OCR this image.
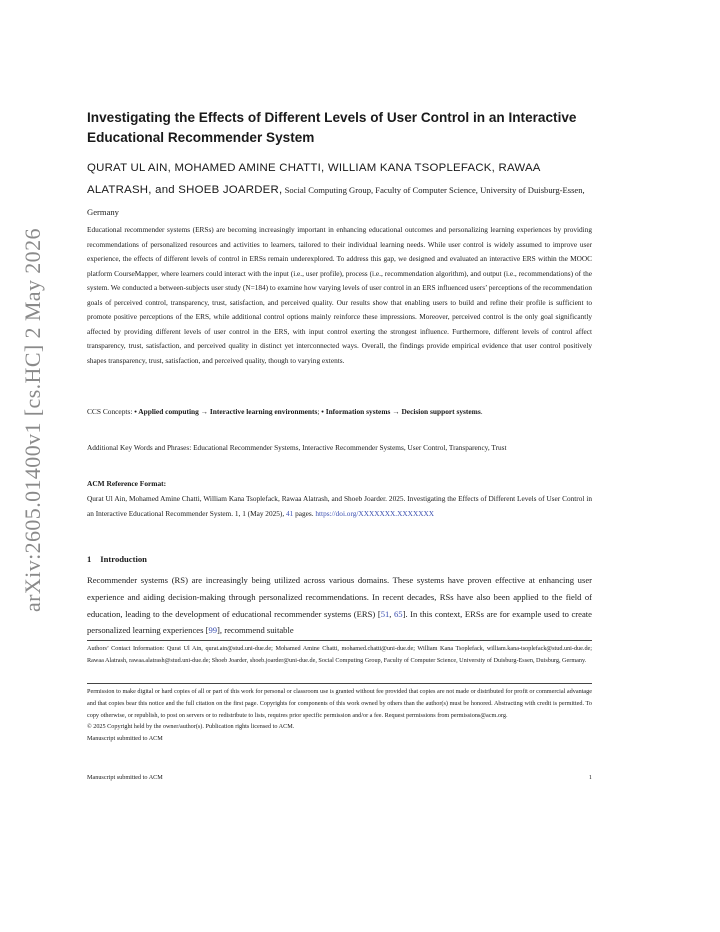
arXiv:2605.01400v1 [cs.HC] 2 May 2026
Investigating the Effects of Different Levels of User Control in an Interactive Educational Recommender System
QURAT UL AIN, MOHAMED AMINE CHATTI, WILLIAM KANA TSOPLEFACK, RAWAA ALATRASH, and SHOEB JOARDER, Social Computing Group, Faculty of Computer Science, University of Duisburg-Essen, Germany

Educational recommender systems (ERSs) are becoming increasingly important in enhancing educational outcomes and personalizing learning experiences by providing recommendations of personalized resources and activities to learners, tailored to their individual learning needs. While user control is widely assumed to improve user experience, the effects of different levels of control in ERSs remain underexplored. To address this gap, we designed and evaluated an interactive ERS within the MOOC platform CourseMapper, where learners could interact with the input (i.e., user profile), process (i.e., recommendation algorithm), and output (i.e., recommendations) of the system. We conducted a between-subjects user study (N=184) to examine how varying levels of user control in an ERS influenced users’ perceptions of the recommendation goals of perceived control, transparency, trust, satisfaction, and perceived quality. Our results show that enabling users to build and refine their profile is sufficient to promote positive perceptions of the ERS, while additional control options mainly reinforce these impressions. Moreover, perceived control is the only goal significantly affected by providing different levels of user control in the ERS, with input control exerting the strongest influence. Furthermore, different levels of control affect transparency, trust, satisfaction, and perceived quality in distinct yet interconnected ways. Overall, the findings provide empirical evidence that user control positively shapes transparency, trust, satisfaction, and perceived quality, though to varying extents.

CCS Concepts: • Applied computing → Interactive learning environments; • Information systems → Decision support systems.

Additional Key Words and Phrases: Educational Recommender Systems, Interactive Recommender Systems, User Control, Transparency, Trust

ACM Reference Format:

Qurat Ul Ain, Mohamed Amine Chatti, William Kana Tsoplefack, Rawaa Alatrash, and Shoeb Joarder. 2025. Investigating the Effects of Different Levels of User Control in an Interactive Educational Recommender System. 1, 1 (May 2025), 41 pages. https://doi.org/XXXXXXX.XXXXXXX

1 Introduction

Recommender systems (RS) are increasingly being utilized across various domains. These systems have proven effective at enhancing user experience and aiding decision-making through personalized recommendations. In recent decades, RSs have also been applied to the field of education, leading to the development of educational recommender systems (ERS) [51, 65]. In this context, ERSs are for example used to create personalized learning experiences [99], recommend suitable

Authors’ Contact Information: Qurat Ul Ain, qurat.ain@stud.uni-due.de; Mohamed Amine Chatti, mohamed.chatti@uni-due.de; William Kana Tsoplefack, william.kana-tsoplefack@stud.uni-due.de; Rawaa Alatrash, rawaa.alatrash@stud.uni-due.de; Shoeb Joarder, shoeb.joarder@uni-due.de, Social Computing Group, Faculty of Computer Science, University of Duisburg-Essen, Duisburg, Germany.

Permission to make digital or hard copies of all or part of this work for personal or classroom use is granted without fee provided that copies are not made or distributed for profit or commercial advantage and that copies bear this notice and the full citation on the first page. Copyrights for components of this work owned by others than the author(s) must be honored. Abstracting with credit is permitted. To copy otherwise, or republish, to post on servers or to redistribute to lists, requires prior specific permission and/or a fee. Request permissions from permissions@acm.org.
© 2025 Copyright held by the owner/author(s). Publication rights licensed to ACM.
Manuscript submitted to ACM

Manuscript submitted to ACM	1
